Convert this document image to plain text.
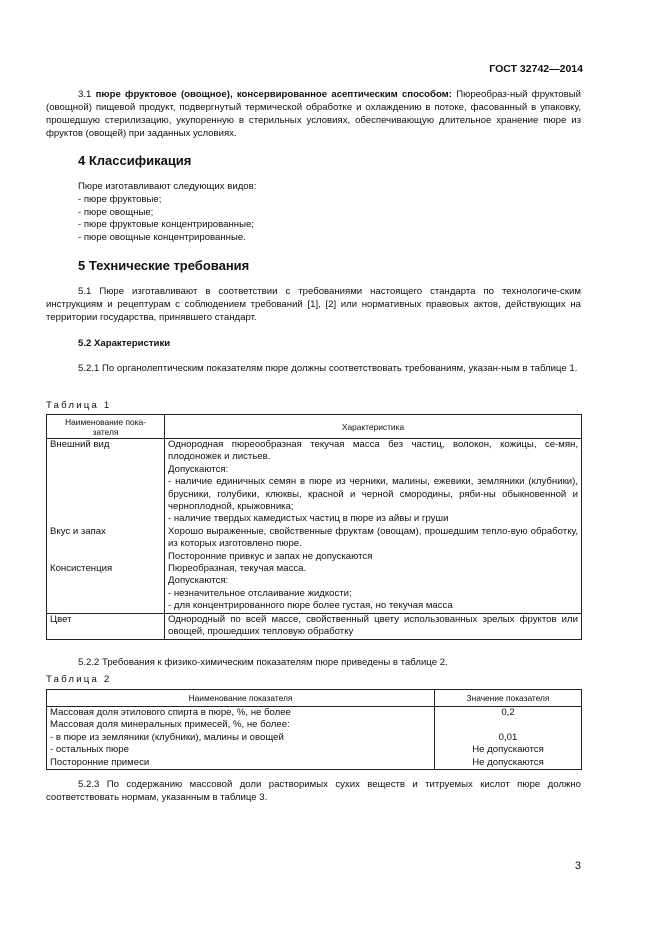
ГОСТ 32742—2014
3.1 пюре фруктовое (овощное), консервированное асептическим способом: Пюреобраз-ный фруктовый (овощной) пищевой продукт, подвергнутый термической обработке и охлаждению в потоке, фасованный в упаковку, прошедшую стерилизацию, укупоренную в стерильных условиях, обеспечивающую длительное хранение пюре из фруктов (овощей) при заданных условиях.
4 Классификация
Пюре изготавливают следующих видов:
- пюре фруктовые;
- пюре овощные;
- пюре фруктовые концентрированные;
- пюре овощные концентрированные.
5 Технические требования
5.1 Пюре изготавливают в соответствии с требованиями настоящего стандарта по технологиче-ским инструкциям и рецептурам с соблюдением требований [1], [2] или нормативных правовых актов, действующих на территории государства, принявшего стандарт.
5.2 Характеристики
5.2.1 По органолептическим показателям пюре должны соответствовать требованиям, указан-ным в таблице 1.
Таблица 1
Наименование пока-
зателя	Характеристика
Внешний вид	Однородная пюреообразная текучая масса без частиц, волокон, кожицы, се-мян, плодоножек и листьев.
	Допускаются:
	- наличие единичных семян в пюре из черники, малины, ежевики, земляники (клубники), брусники, голубики, клюквы, красной и черной смородины, ряби-ны обыкновенной и черноплодной, крыжовника;
	- наличие твердых камедистых частиц в пюре из айвы и груши
Вкус и запах	Хорошо выраженные, свойственные фруктам (овощам), прошедшим тепло-вую обработку, из которых изготовлено пюре.
	Посторонние привкус и запах не допускаются
Консистенция	Пюреобразная, текучая масса.
	Допускаются:
	- незначительное отслаивание жидкости;
	- для концентрированного пюре более густая, но текучая масса
Цвет	Однородный по всей массе, свойственный цвету использованных зрелых фруктов или овощей, прошедших тепловую обработку
5.2.2 Требования к физико-химическим показателям пюре приведены в таблице 2.
Таблица 2
Наименование показателя	Значение показателя
Массовая доля этилового спирта в пюре, %, не более	0,2
Массовая доля минеральных примесей, %, не более:	
- в пюре из земляники (клубники), малины и овощей	0,01
- остальных пюре	Не допускаются
Посторонние примеси	Не допускаются
5.2.3 По содержанию массовой доли растворимых сухих веществ и титруемых кислот пюре должно соответствовать нормам, указанным в таблице 3.
3
